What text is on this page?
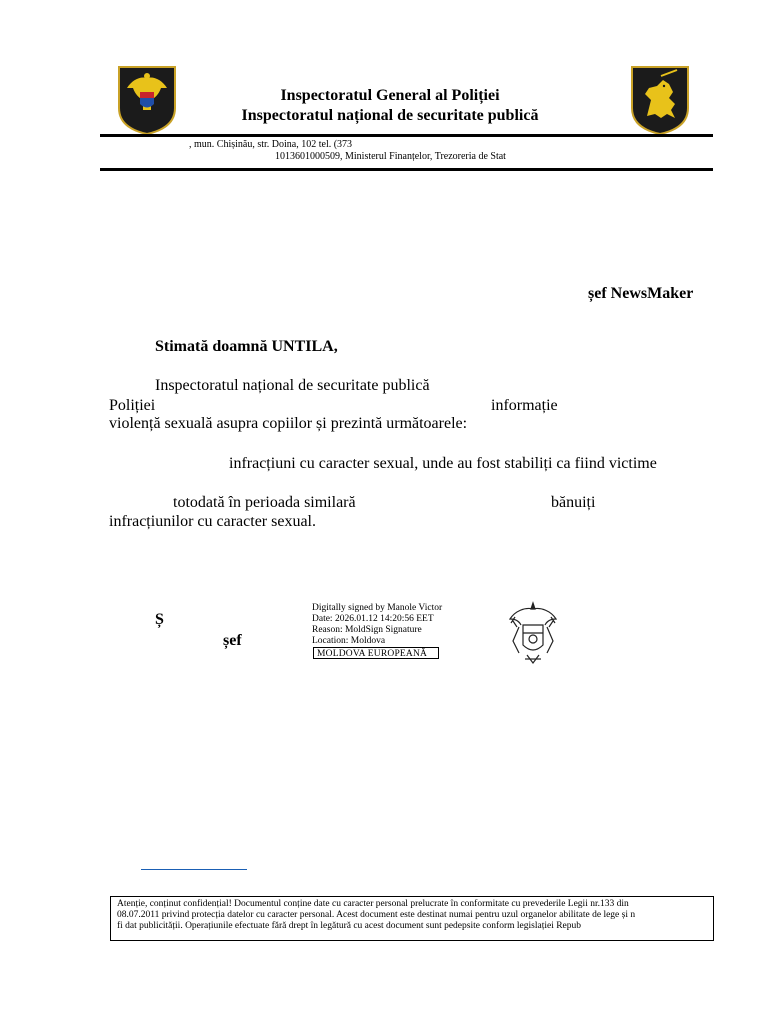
Inspectoratul General al Poliției
Inspectoratul național de securitate publică
, mun. Chișinău, str. Doina, 102 tel. (373
1013601000509, Ministerul Finanțelor, Trezoreria de Stat
șef NewsMaker
Stimată doamnă UNTILA,
Inspectoratul național de securitate publică
Poliției	informație
violență sexuală asupra copiilor și prezintă următoarele:
infracțiuni cu caracter sexual, unde au fost stabiliți ca fiind victime
totodată în perioada similară	bănuiți
infracțiunilor cu caracter sexual.
Ș
șef
Digitally signed by Manole Victor
Date: 2026.01.12 14:20:56 EET
Reason: MoldSign Signature
Location: Moldova
MOLDOVA EUROPEANĂ
Atenție, conținut confidențial! Documentul conține date cu caracter personal prelucrate în conformitate cu prevederile Legii nr.133 din
08.07.2011 privind protecția datelor cu caracter personal. Acest document este destinat numai pentru uzul organelor abilitate de lege și n
fi dat publicității. Operațiunile efectuate fără drept în legătură cu acest document sunt pedepsite conform legislației Repub
